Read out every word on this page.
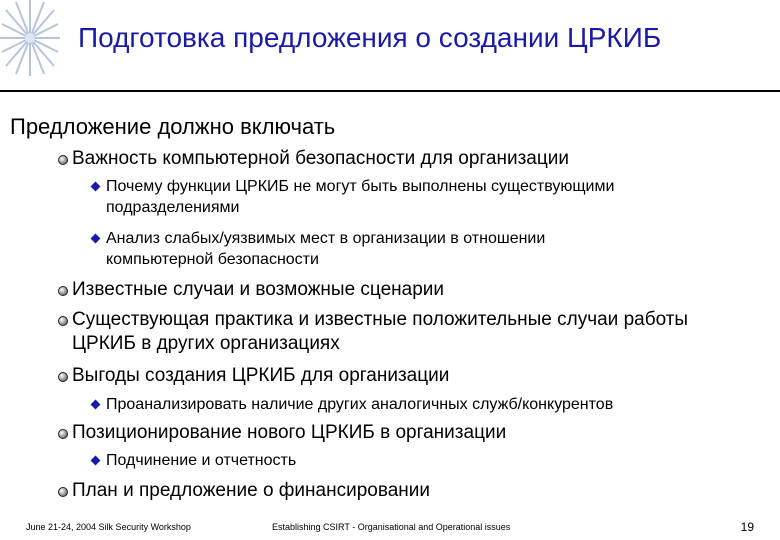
Подготовка предложения о создании ЦРКИБ
Предложение должно включать
Важность компьютерной безопасности для организации
Почему функции ЦРКИБ не могут быть выполнены существующими
подразделениями
Анализ слабых/уязвимых мест в организации в отношении
компьютерной безопасности
Известные случаи и возможные сценарии
Существующая практика и известные положительные случаи работы
ЦРКИБ в других организациях
Выгоды создания ЦРКИБ для организации
Проанализировать наличие других аналогичных служб/конкурентов
Позиционирование нового ЦРКИБ в организации
Подчинение и отчетность
План и предложение о финансировании
June 21-24, 2004 Silk Security Workshop	Establishing CSIRT - Organisational and Operational issues	19
